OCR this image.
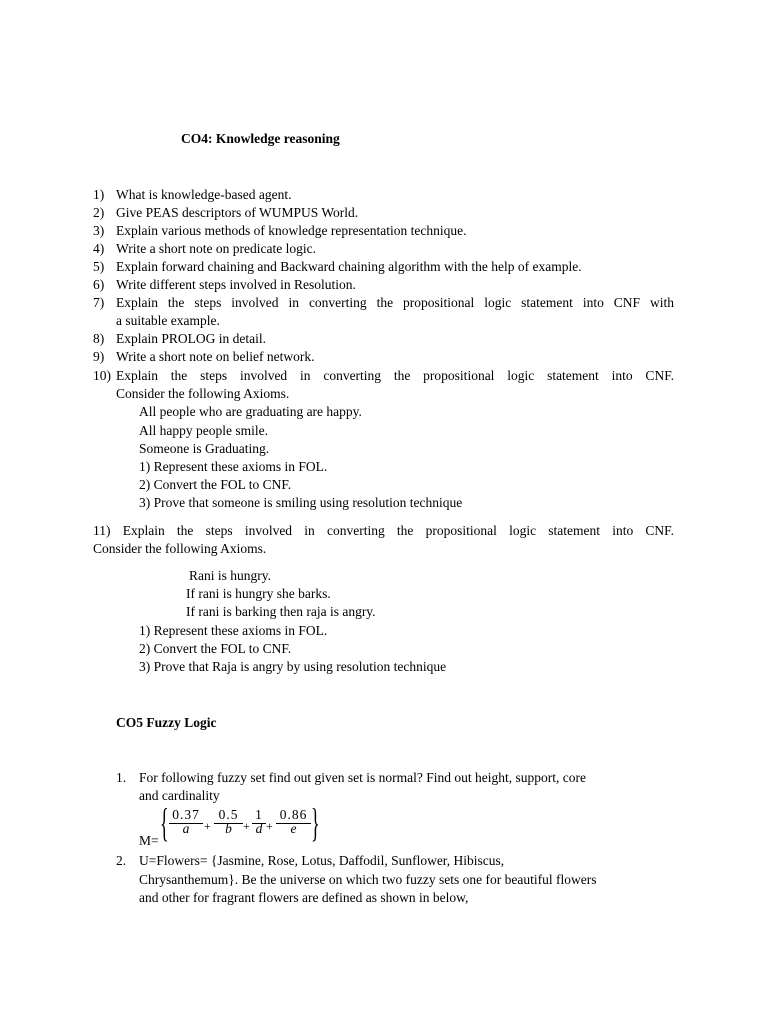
CO4: Knowledge reasoning
1) What is knowledge-based agent.
2) Give PEAS descriptors of WUMPUS World.
3) Explain various methods of knowledge representation technique.
4) Write a short note on predicate logic.
5) Explain forward chaining and Backward chaining algorithm with the help of example.
6) Write different steps involved in Resolution.
7) Explain the steps involved in converting the propositional logic statement into CNF with
a suitable example.
8) Explain PROLOG in detail.
9) Write a short note on belief network.
10) Explain the steps involved in converting the propositional logic statement into CNF.
Consider the following Axioms.
All people who are graduating are happy.
All happy people smile.
Someone is Graduating.
1) Represent these axioms in FOL.
2) Convert the FOL to CNF.
3) Prove that someone is smiling using resolution technique
11) Explain the steps involved in converting the propositional logic statement into CNF.
Consider the following Axioms.
Rani is hungry.
If rani is hungry she barks.
If rani is barking then raja is angry.
1) Represent these axioms in FOL.
2) Convert the FOL to CNF.
3) Prove that Raja is angry by using resolution technique
CO5 Fuzzy Logic
1. For following fuzzy set find out given set is normal? Find out height, support, core
and cardinality
M= { 0.37
a	+
0.5
b +
1
d +
0.86
e }
2. U=Flowers= {Jasmine, Rose, Lotus, Daffodil, Sunflower, Hibiscus,
Chrysanthemum}. Be the universe on which two fuzzy sets one for beautiful flowers
and other for fragrant flowers are defined as shown in below,
